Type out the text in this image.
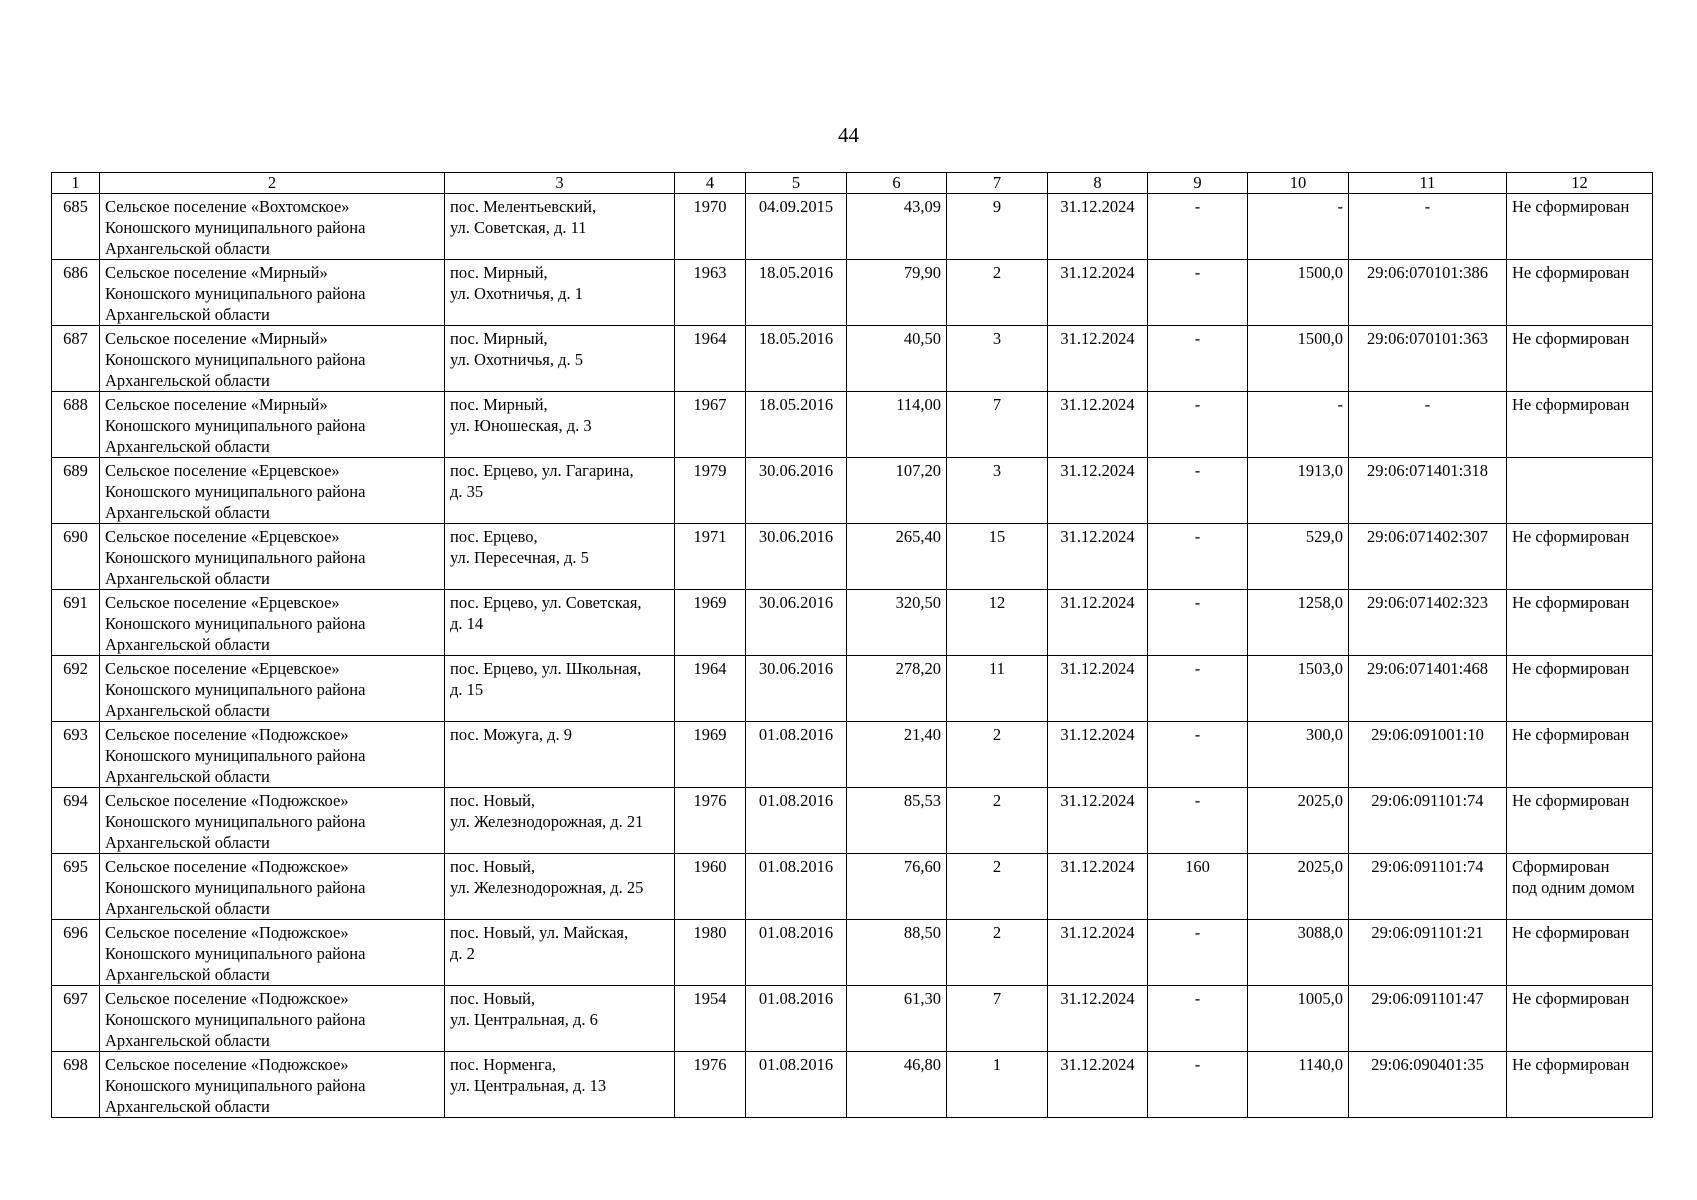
44
1	2	3	4	5	6	7	8	9	10	11	12
685	Сельское поселение «Вохтомское»
Коношского муниципального района
Архангельской области	пос. Мелентьевский,
ул. Советская, д. 11	1970	04.09.2015	43,09	9	31.12.2024	-	-	-	Не сформирован

686	Сельское поселение «Мирный»
Коношского муниципального района
Архангельской области	пос. Мирный,
ул. Охотничья, д. 1	1963	18.05.2016	79,90	2	31.12.2024	-	1500,0	29:06:070101:386	Не сформирован

687	Сельское поселение «Мирный»
Коношского муниципального района
Архангельской области	пос. Мирный,
ул. Охотничья, д. 5	1964	18.05.2016	40,50	3	31.12.2024	-	1500,0	29:06:070101:363	Не сформирован

688	Сельское поселение «Мирный»
Коношского муниципального района
Архангельской области	пос. Мирный,
ул. Юношеская, д. 3	1967	18.05.2016	114,00	7	31.12.2024	-	-	-	Не сформирован

689	Сельское поселение «Ерцевское»
Коношского муниципального района
Архангельской области	пос. Ерцево, ул. Гагарина,
д. 35	1979	30.06.2016	107,20	3	31.12.2024	-	1913,0	29:06:071401:318	
690	Сельское поселение «Ерцевское»
Коношского муниципального района
Архангельской области	пос. Ерцево,
ул. Пересечная, д. 5	1971	30.06.2016	265,40	15	31.12.2024	-	529,0	29:06:071402:307	Не сформирован

691	Сельское поселение «Ерцевское»
Коношского муниципального района
Архангельской области	пос. Ерцево, ул. Советская,
д. 14	1969	30.06.2016	320,50	12	31.12.2024	-	1258,0	29:06:071402:323	Не сформирован

692	Сельское поселение «Ерцевское»
Коношского муниципального района
Архангельской области	пос. Ерцево, ул. Школьная,
д. 15	1964	30.06.2016	278,20	11	31.12.2024	-	1503,0	29:06:071401:468	Не сформирован

693	Сельское поселение «Подюжское»
Коношского муниципального района
Архангельской области	пос. Можуга, д. 9	1969	01.08.2016	21,40	2	31.12.2024	-	300,0	29:06:091001:10	Не сформирован

694	Сельское поселение «Подюжское»
Коношского муниципального района
Архангельской области	пос. Новый,
ул. Железнодорожная, д. 21	1976	01.08.2016	85,53	2	31.12.2024	-	2025,0	29:06:091101:74	Не сформирован

695	Сельское поселение «Подюжское»
Коношского муниципального района
Архангельской области	пос. Новый,
ул. Железнодорожная, д. 25	1960	01.08.2016	76,60	2	31.12.2024	160	2025,0	29:06:091101:74	Сформирован
под одним домом

696	Сельское поселение «Подюжское»
Коношского муниципального района
Архангельской области	пос. Новый, ул. Майская,
д. 2	1980	01.08.2016	88,50	2	31.12.2024	-	3088,0	29:06:091101:21	Не сформирован

697	Сельское поселение «Подюжское»
Коношского муниципального района
Архангельской области	пос. Новый,
ул. Центральная, д. 6	1954	01.08.2016	61,30	7	31.12.2024	-	1005,0	29:06:091101:47	Не сформирован

698	Сельское поселение «Подюжское»
Коношского муниципального района
Архангельской области	пос. Норменга,
ул. Центральная, д. 13	1976	01.08.2016	46,80	1	31.12.2024	-	1140,0	29:06:090401:35	Не сформирован
